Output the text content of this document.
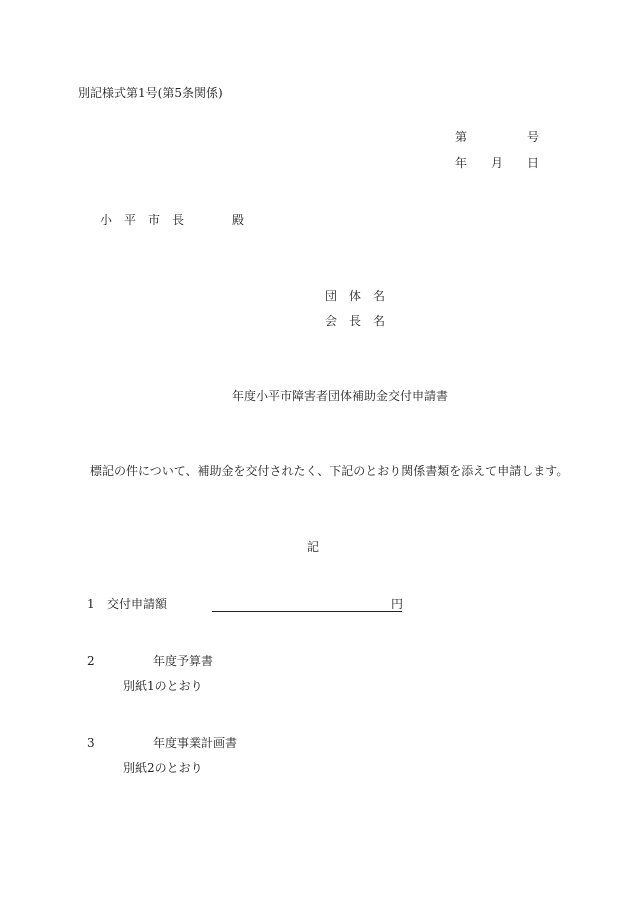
別記様式第1号(第5条関係)
第	号
年 月 日
小　平　市　長	殿
団　体　名
会　長　名
年度小平市障害者団体補助金交付申請書
標記の件について、補助金を交付されたく、下記のとおり関係書類を添えて申請します。
記
1 交付申請額	円
2	年度予算書
別紙1のとおり
3	年度事業計画書
別紙2のとおり
